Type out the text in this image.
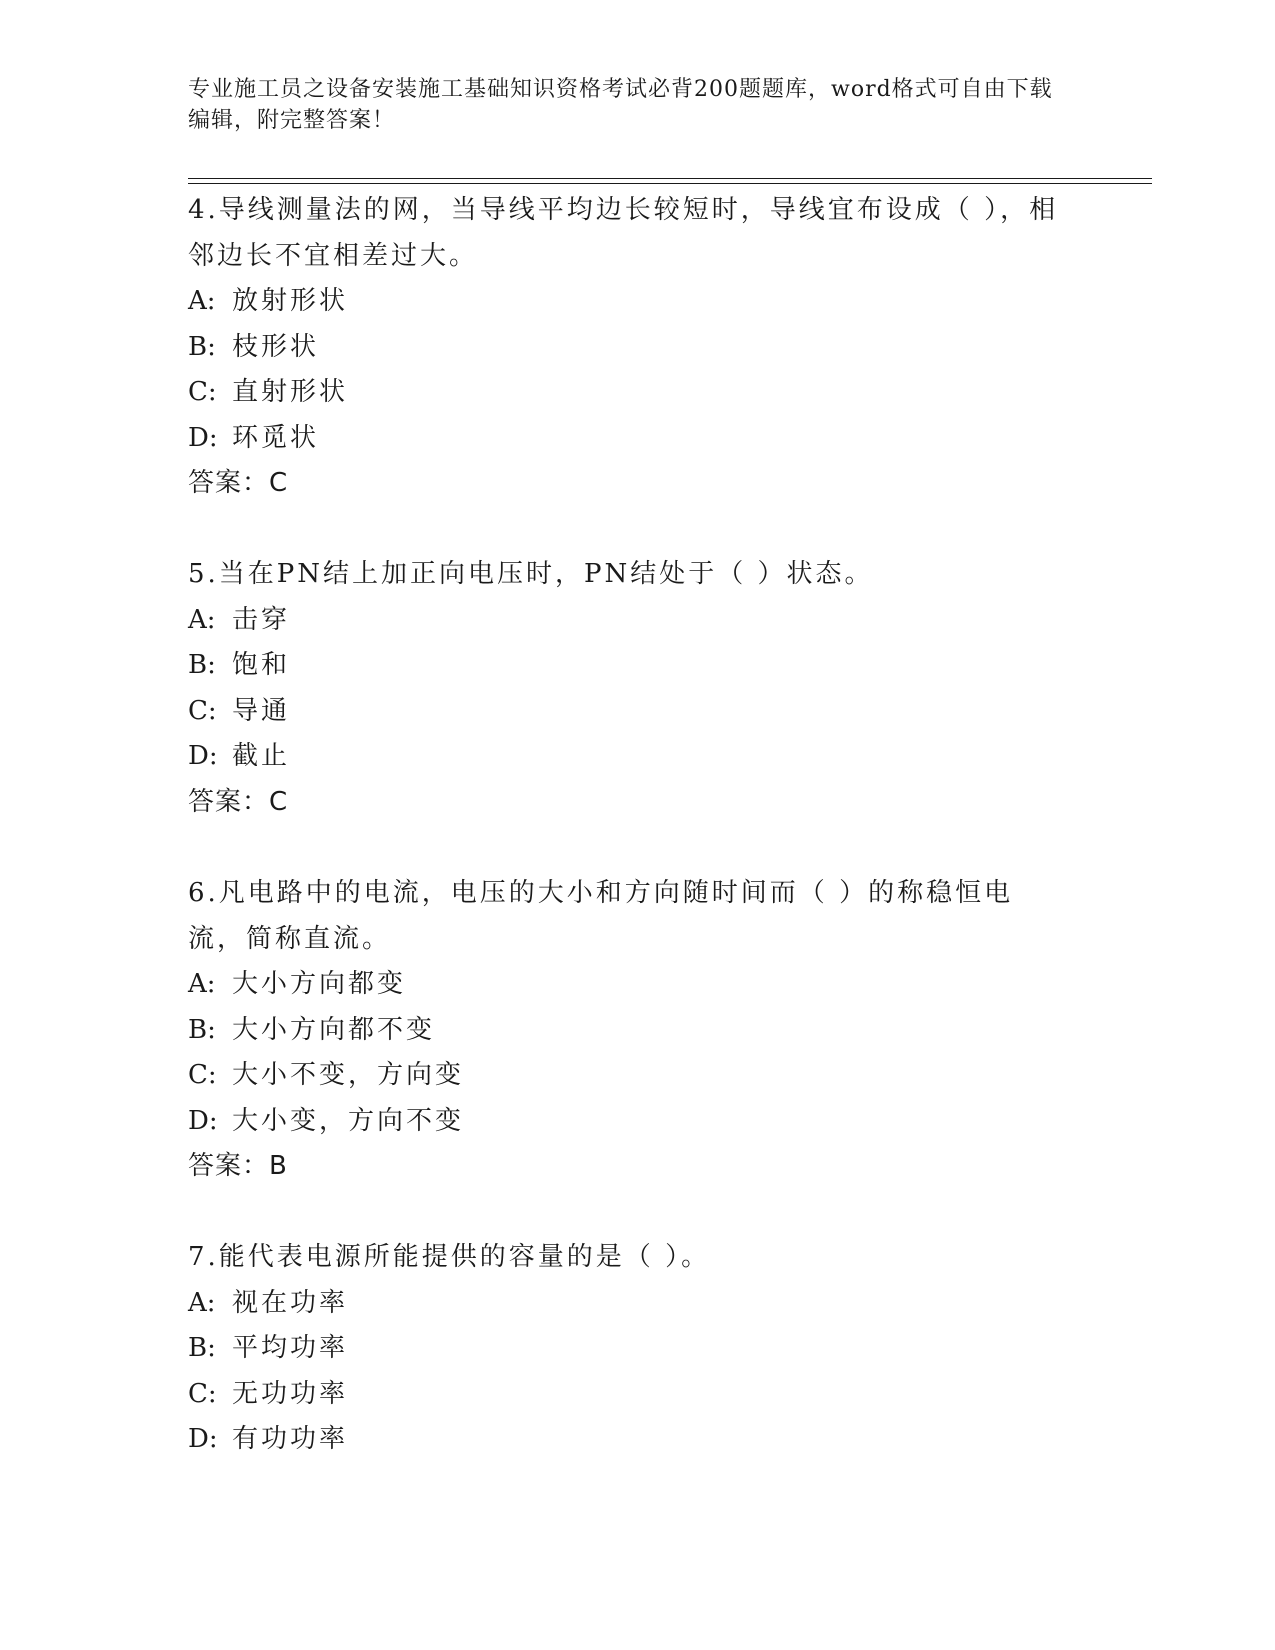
专业施工员之设备安装施工基础知识资格考试必背200题题库，word格式可自由下载编辑，附完整答案！

4.导线测量法的网，当导线平均边长较短时，导线宜布设成（ ），相邻边长不宜相差过大。

A: 放射形状

B: 枝形状

C: 直射形状

D: 环觅状

答案：C

5.当在PN结上加正向电压时，PN结处于（ ）状态。

A: 击穿

B: 饱和

C: 导通

D: 截止

答案：C

6.凡电路中的电流，电压的大小和方向随时间而（ ）的称稳恒电流，简称直流。

A: 大小方向都变

B: 大小方向都不变

C: 大小不变，方向变

D: 大小变，方向不变

答案：B

7.能代表电源所能提供的容量的是（ ）。

A: 视在功率

B: 平均功率

C: 无功功率

D: 有功功率
